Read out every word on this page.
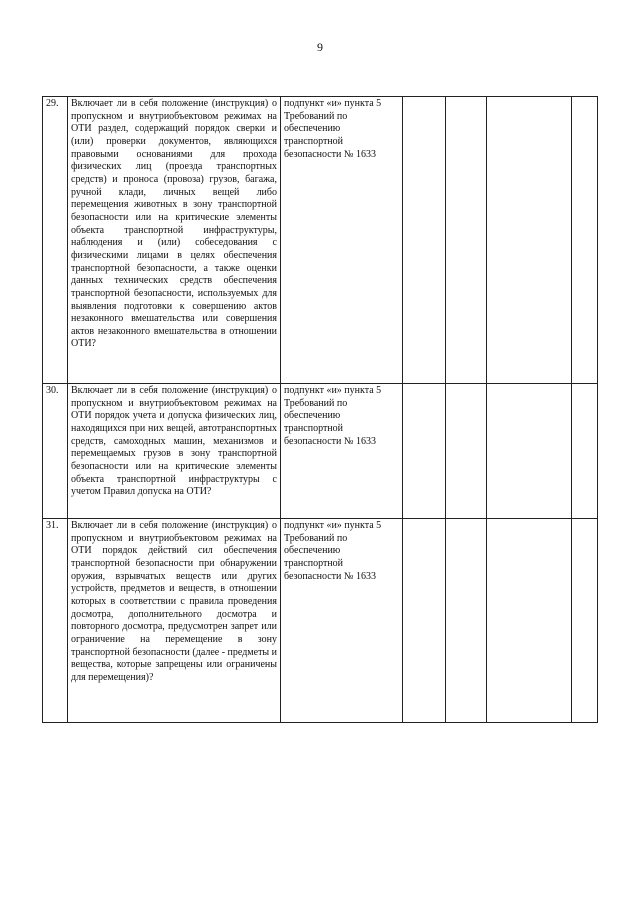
9
29.	Включает ли в себя положение (инструкция) о пропускном и внутриобъектовом режимах на ОТИ раздел, содержащий порядок сверки и (или) проверки документов, являющихся правовыми основаниями для прохода физических лиц (проезда транспортных средств) и проноса (провоза) грузов, багажа, ручной клади, личных вещей либо перемещения животных в зону транспортной безопасности или на критические элементы объекта транспортной инфраструктуры, наблюдения и (или) собеседования с физическими лицами в целях обеспечения транспортной безопасности, а также оценки данных технических средств обеспечения транспортной безопасности, используемых для выявления подготовки к совершению актов незаконного вмешательства или совершения актов незаконного вмешательства в отношении ОТИ?	подпункт «и» пункта 5 Требований по обеспечению транспортной безопасности № 1633				
30.	Включает ли в себя положение (инструкция) о пропускном и внутриобъектовом режимах на ОТИ порядок учета и допуска физических лиц, находящихся при них вещей, автотранспортных средств, самоходных машин, механизмов и перемещаемых грузов в зону транспортной безопасности или на критические элементы объекта транспортной инфраструктуры с учетом Правил допуска на ОТИ?	подпункт «и» пункта 5 Требований по обеспечению транспортной безопасности № 1633				
31.	Включает ли в себя положение (инструкция) о пропускном и внутриобъектовом режимах на ОТИ порядок действий сил обеспечения транспортной безопасности при обнаружении оружия, взрывчатых веществ или других устройств, предметов и веществ, в отношении которых в соответствии с правила проведения досмотра, дополнительного досмотра и повторного досмотра, предусмотрен запрет или ограничение на перемещение в зону транспортной безопасности (далее - предметы и вещества, которые запрещены или ограничены для перемещения)?	подпункт «и» пункта 5 Требований по обеспечению транспортной безопасности № 1633				
